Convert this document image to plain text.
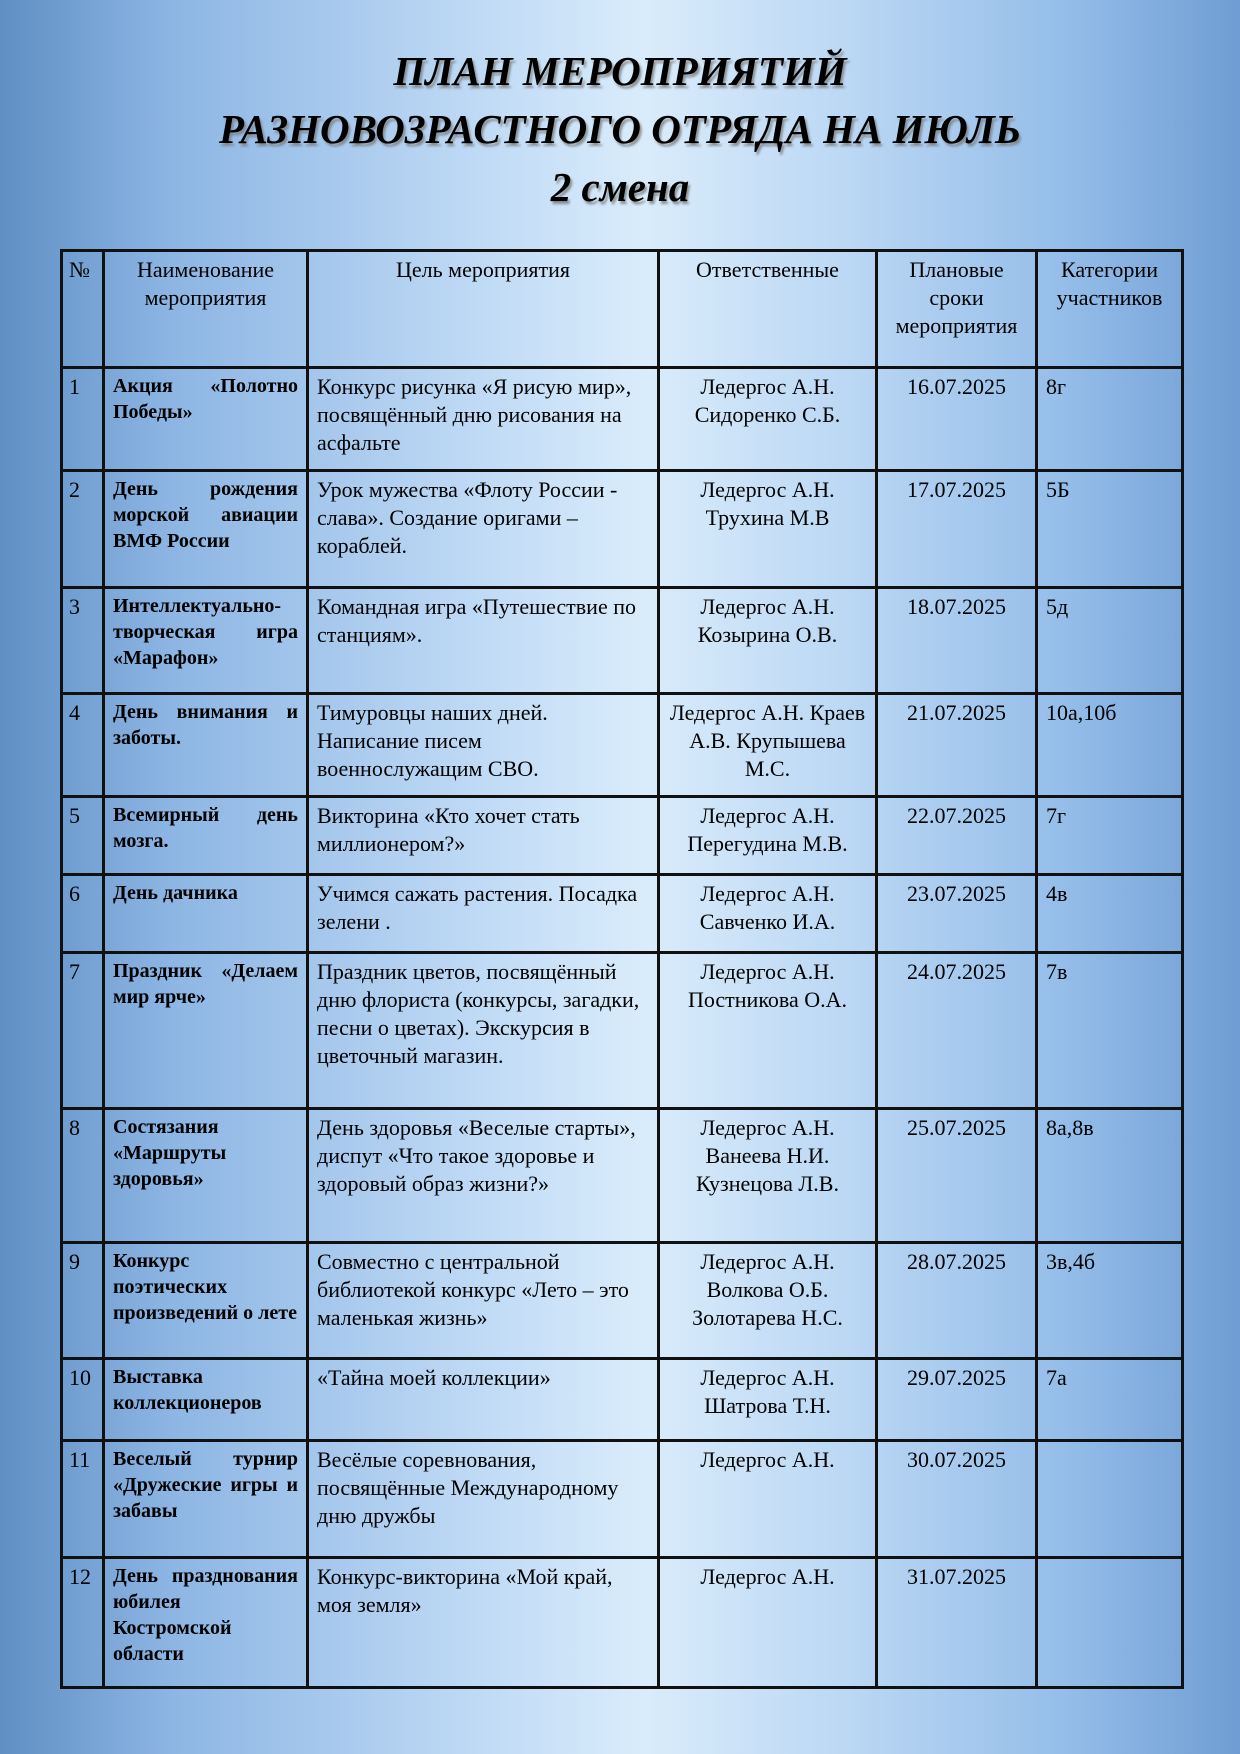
ПЛАН МЕРОПРИЯТИЙ
РАЗНОВОЗРАСТНОГО ОТРЯДА НА ИЮЛЬ
2 смена
№	Наименование мероприятия	Цель мероприятия	Ответственные	Плановые сроки мероприятия	Категории участников
1	Акция «Полотно Победы»	Конкурс рисунка «Я рисую мир», посвящённый дню рисования на асфальте	Ледергос А.Н. Сидоренко С.Б.	16.07.2025	8г
2	День рождения морской авиации ВМФ России	Урок мужества «Флоту России - слава». Создание оригами – кораблей.	Ледергос А.Н. Трухина М.В	17.07.2025	5Б
3	Интеллектуально-творческая игра «Марафон»	Командная игра «Путешествие по станциям».	Ледергос А.Н. Козырина О.В.	18.07.2025	5д
4	День внимания и заботы.	Тимуровцы наших дней. Написание писем военнослужащим СВО.	Ледергос А.Н. Краев А.В. Крупышева М.С.	21.07.2025	10а,10б
5	Всемирный день мозга.	Викторина «Кто хочет стать миллионером?»	Ледергос А.Н. Перегудина М.В.	22.07.2025	7г
6	День дачника	Учимся сажать растения. Посадка зелени .	Ледергос А.Н. Савченко И.А.	23.07.2025	4в
7	Праздник «Делаем мир ярче»	Праздник цветов, посвящённый дню флориста (конкурсы, загадки, песни о цветах). Экскурсия в цветочный магазин.	Ледергос А.Н. Постникова О.А.	24.07.2025	7в
8	Состязания «Маршруты здоровья»	День здоровья «Веселые старты», диспут «Что такое здоровье и здоровый образ жизни?»	Ледергос А.Н. Ванеева Н.И. Кузнецова Л.В.	25.07.2025	8а,8в
9	Конкурс поэтических произведений о лете	Совместно с центральной библиотекой конкурс «Лето – это маленькая жизнь»	Ледергос А.Н. Волкова О.Б. Золотарева Н.С.	28.07.2025	3в,4б
10	Выставка коллекционеров	«Тайна моей коллекции»	Ледергос А.Н. Шатрова Т.Н.	29.07.2025	7а
11	Веселый турнир «Дружеские игры и забавы	Весёлые соревнования, посвящённые Международному дню дружбы	Ледергос А.Н.	30.07.2025	
12	День празднования юбилея Костромской области	Конкурс-викторина «Мой край, моя земля»	Ледергос А.Н.	31.07.2025	
